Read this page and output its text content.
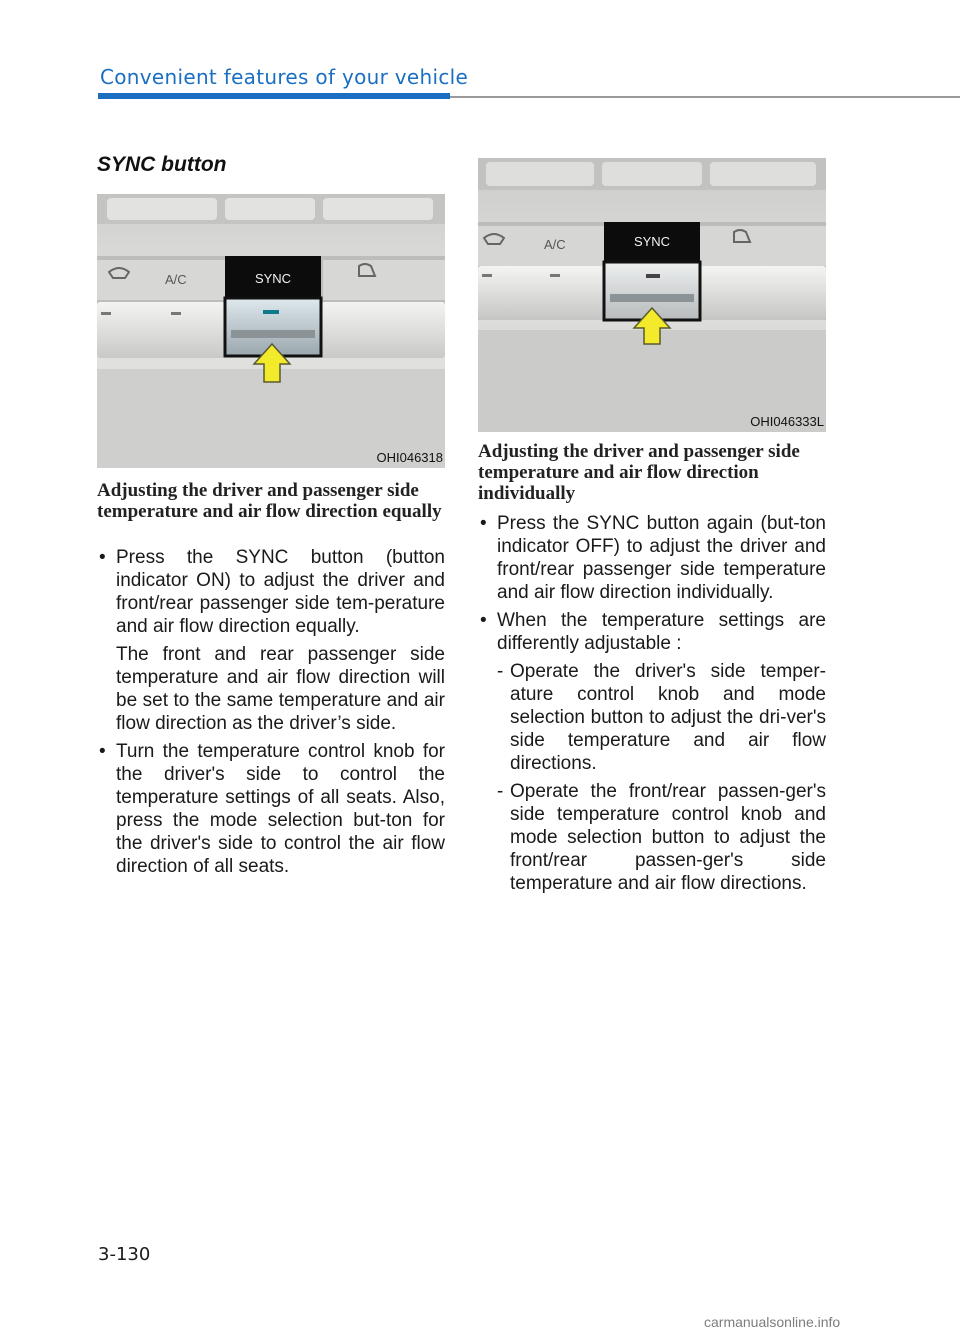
Convenient features of your vehicle
SYNC button
A/C	SYNC
OHI046318
A/C	SYNC
OHI046333L
Adjusting the driver and passenger side temperature and air flow direction equally
• Press the SYNC button (button indicator ON) to adjust the driver and front/rear passenger side tem-perature and air flow direction equally.
The front and rear passenger side temperature and air flow direction will be set to the same temperature and air flow direction as the driver’s side.
• Turn the temperature control knob for the driver's side to control the temperature settings of all seats. Also, press the mode selection but-ton for the driver's side to control the air flow direction of all seats.
Adjusting the driver and passenger side temperature and air flow direction individually
• Press the SYNC button again (but-ton indicator OFF) to adjust the driver and front/rear passenger side temperature and air flow direction individually.
• When the temperature settings are differently adjustable :
- Operate the driver's side temper-ature control knob and mode selection button to adjust the dri-ver's side temperature and air flow directions.
- Operate the front/rear passen-ger's side temperature control knob and mode selection button to adjust the front/rear passen-ger's side temperature and air flow directions.
3-130
carmanualsonline.info
